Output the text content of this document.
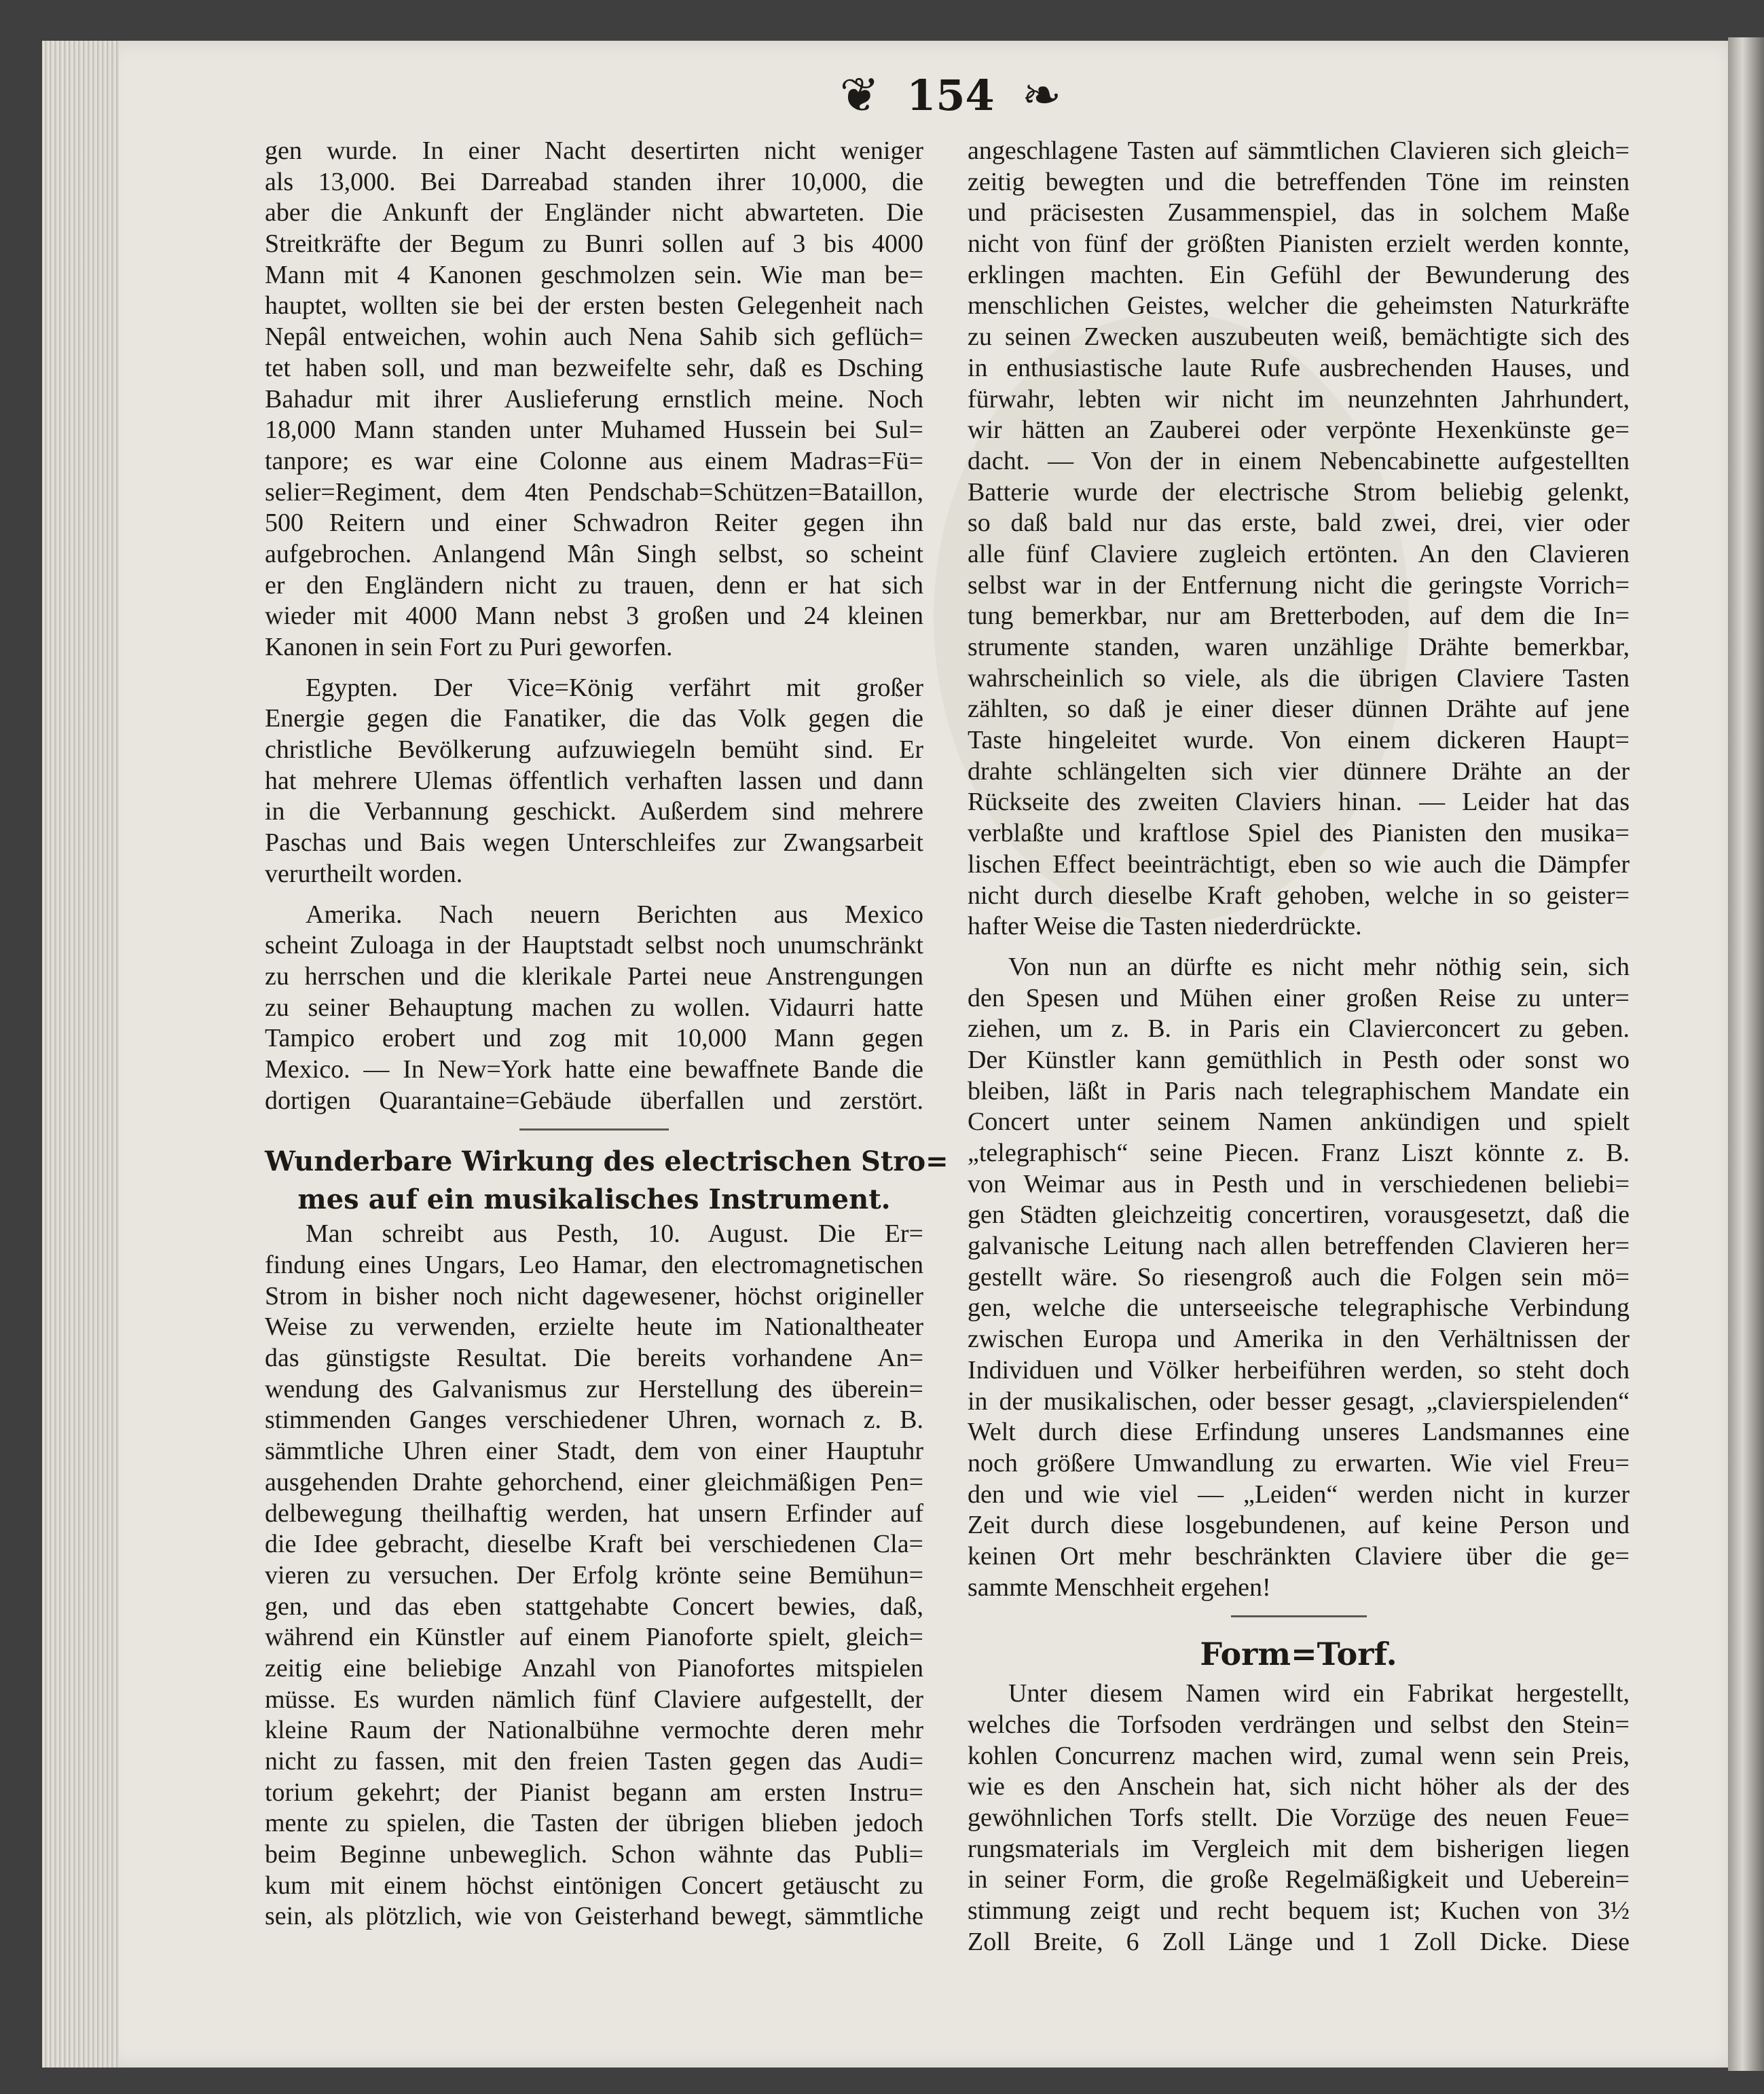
❦ 154 ❧
gen wurde. In einer Nacht desertirten nicht weniger
als 13,000. Bei Darreabad standen ihrer 10,000, die
aber die Ankunft der Engländer nicht abwarteten. Die
Streitkräfte der Begum zu Bunri sollen auf 3 bis 4000
Mann mit 4 Kanonen geschmolzen sein. Wie man be=
hauptet, wollten sie bei der ersten besten Gelegenheit nach
Nepâl entweichen, wohin auch Nena Sahib sich geflüch=
tet haben soll, und man bezweifelte sehr, daß es Dsching
Bahadur mit ihrer Auslieferung ernstlich meine. Noch
18,000 Mann standen unter Muhamed Hussein bei Sul=
tanpore; es war eine Colonne aus einem Madras=Fü=
selier=Regiment, dem 4ten Pendschab=Schützen=Bataillon,
500 Reitern und einer Schwadron Reiter gegen ihn
aufgebrochen. Anlangend Mân Singh selbst, so scheint
er den Engländern nicht zu trauen, denn er hat sich
wieder mit 4000 Mann nebst 3 großen und 24 kleinen
Kanonen in sein Fort zu Puri geworfen.
Egypten. Der Vice=König verfährt mit großer
Energie gegen die Fanatiker, die das Volk gegen die
christliche Bevölkerung aufzuwiegeln bemüht sind. Er
hat mehrere Ulemas öffentlich verhaften lassen und dann
in die Verbannung geschickt. Außerdem sind mehrere
Paschas und Bais wegen Unterschleifes zur Zwangsarbeit
verurtheilt worden.
Amerika. Nach neuern Berichten aus Mexico
scheint Zuloaga in der Hauptstadt selbst noch unumschränkt
zu herrschen und die klerikale Partei neue Anstrengungen
zu seiner Behauptung machen zu wollen. Vidaurri hatte
Tampico erobert und zog mit 10,000 Mann gegen
Mexico. — In New=York hatte eine bewaffnete Bande die
dortigen Quarantaine=Gebäude überfallen und zerstört.
Wunderbare Wirkung des electrischen Stro=
mes auf ein musikalisches Instrument.
Man schreibt aus Pesth, 10. August. Die Er=
findung eines Ungars, Leo Hamar, den electromagnetischen
Strom in bisher noch nicht dagewesener, höchst origineller
Weise zu verwenden, erzielte heute im Nationaltheater
das günstigste Resultat. Die bereits vorhandene An=
wendung des Galvanismus zur Herstellung des überein=
stimmenden Ganges verschiedener Uhren, wornach z. B.
sämmtliche Uhren einer Stadt, dem von einer Hauptuhr
ausgehenden Drahte gehorchend, einer gleichmäßigen Pen=
delbewegung theilhaftig werden, hat unsern Erfinder auf
die Idee gebracht, dieselbe Kraft bei verschiedenen Cla=
vieren zu versuchen. Der Erfolg krönte seine Bemühun=
gen, und das eben stattgehabte Concert bewies, daß,
während ein Künstler auf einem Pianoforte spielt, gleich=
zeitig eine beliebige Anzahl von Pianofortes mitspielen
müsse. Es wurden nämlich fünf Claviere aufgestellt, der
kleine Raum der Nationalbühne vermochte deren mehr
nicht zu fassen, mit den freien Tasten gegen das Audi=
torium gekehrt; der Pianist begann am ersten Instru=
mente zu spielen, die Tasten der übrigen blieben jedoch
beim Beginne unbeweglich. Schon wähnte das Publi=
kum mit einem höchst eintönigen Concert getäuscht zu
sein, als plötzlich, wie von Geisterhand bewegt, sämmtliche
angeschlagene Tasten auf sämmtlichen Clavieren sich gleich=
zeitig bewegten und die betreffenden Töne im reinsten
und präcisesten Zusammenspiel, das in solchem Maße
nicht von fünf der größten Pianisten erzielt werden konnte,
erklingen machten. Ein Gefühl der Bewunderung des
menschlichen Geistes, welcher die geheimsten Naturkräfte
zu seinen Zwecken auszubeuten weiß, bemächtigte sich des
in enthusiastische laute Rufe ausbrechenden Hauses, und
fürwahr, lebten wir nicht im neunzehnten Jahrhundert,
wir hätten an Zauberei oder verpönte Hexenkünste ge=
dacht. — Von der in einem Nebencabinette aufgestellten
Batterie wurde der electrische Strom beliebig gelenkt,
so daß bald nur das erste, bald zwei, drei, vier oder
alle fünf Claviere zugleich ertönten. An den Clavieren
selbst war in der Entfernung nicht die geringste Vorrich=
tung bemerkbar, nur am Bretterboden, auf dem die In=
strumente standen, waren unzählige Drähte bemerkbar,
wahrscheinlich so viele, als die übrigen Claviere Tasten
zählten, so daß je einer dieser dünnen Drähte auf jene
Taste hingeleitet wurde. Von einem dickeren Haupt=
drahte schlängelten sich vier dünnere Drähte an der
Rückseite des zweiten Claviers hinan. — Leider hat das
verblaßte und kraftlose Spiel des Pianisten den musika=
lischen Effect beeinträchtigt, eben so wie auch die Dämpfer
nicht durch dieselbe Kraft gehoben, welche in so geister=
hafter Weise die Tasten niederdrückte.
Von nun an dürfte es nicht mehr nöthig sein, sich
den Spesen und Mühen einer großen Reise zu unter=
ziehen, um z. B. in Paris ein Clavierconcert zu geben.
Der Künstler kann gemüthlich in Pesth oder sonst wo
bleiben, läßt in Paris nach telegraphischem Mandate ein
Concert unter seinem Namen ankündigen und spielt
„telegraphisch“ seine Piecen. Franz Liszt könnte z. B.
von Weimar aus in Pesth und in verschiedenen beliebi=
gen Städten gleichzeitig concertiren, vorausgesetzt, daß die
galvanische Leitung nach allen betreffenden Clavieren her=
gestellt wäre. So riesengroß auch die Folgen sein mö=
gen, welche die unterseeische telegraphische Verbindung
zwischen Europa und Amerika in den Verhältnissen der
Individuen und Völker herbeiführen werden, so steht doch
in der musikalischen, oder besser gesagt, „clavierspielenden“
Welt durch diese Erfindung unseres Landsmannes eine
noch größere Umwandlung zu erwarten. Wie viel Freu=
den und wie viel — „Leiden“ werden nicht in kurzer
Zeit durch diese losgebundenen, auf keine Person und
keinen Ort mehr beschränkten Claviere über die ge=
sammte Menschheit ergehen!
Form=Torf.
Unter diesem Namen wird ein Fabrikat hergestellt,
welches die Torfsoden verdrängen und selbst den Stein=
kohlen Concurrenz machen wird, zumal wenn sein Preis,
wie es den Anschein hat, sich nicht höher als der des
gewöhnlichen Torfs stellt. Die Vorzüge des neuen Feue=
rungsmaterials im Vergleich mit dem bisherigen liegen
in seiner Form, die große Regelmäßigkeit und Ueberein=
stimmung zeigt und recht bequem ist; Kuchen von 3½
Zoll Breite, 6 Zoll Länge und 1 Zoll Dicke. Diese
